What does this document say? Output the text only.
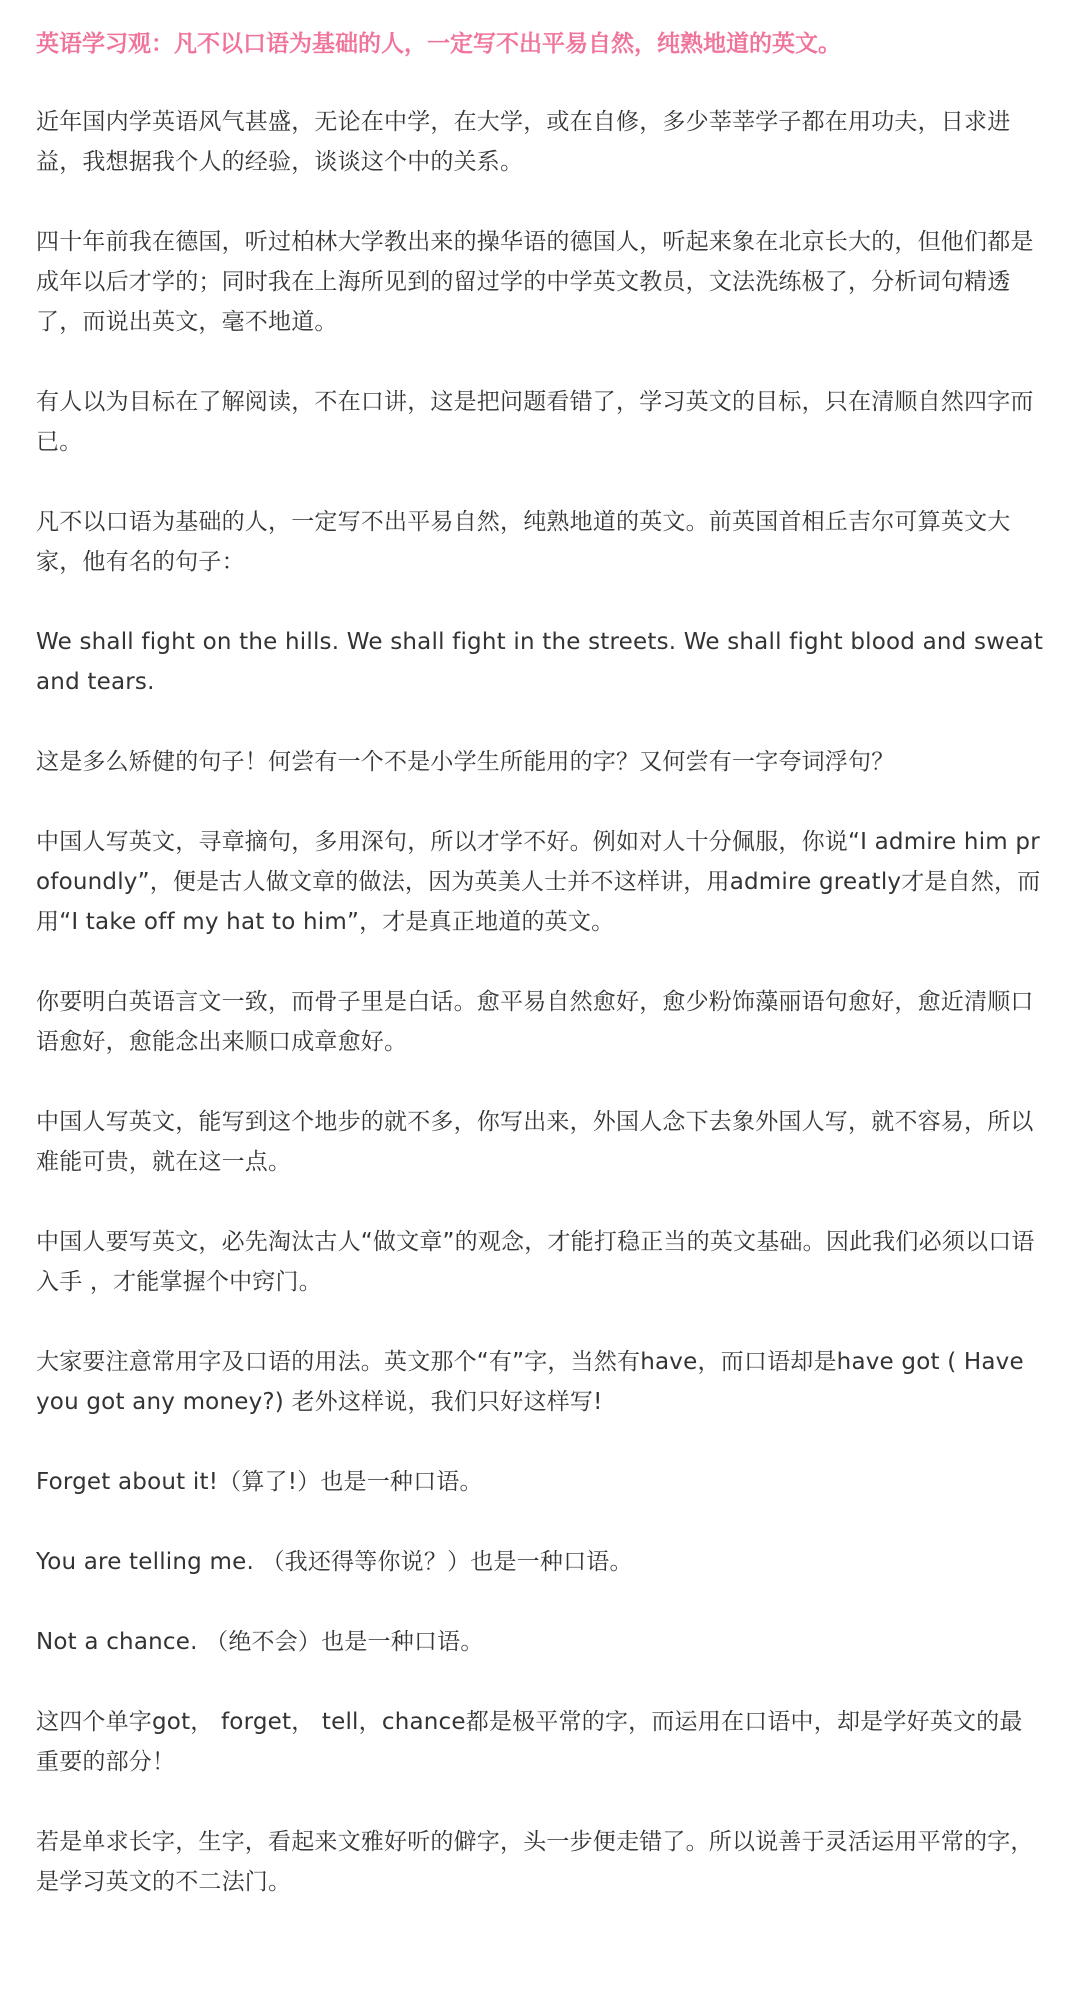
英语学习观：凡不以口语为基础的人，一定写不出平易自然，纯熟地道的英文。

近年国内学英语风气甚盛，无论在中学，在大学，或在自修，多少莘莘学子都在用功夫，日求进益，我想据我个人的经验，谈谈这个中的关系。

四十年前我在德国，听过柏林大学教出来的操华语的德国人，听起来象在北京长大的，但他们都是成年以后才学的；同时我在上海所见到的留过学的中学英文教员，文法洗练极了，分析词句精透了，而说出英文，毫不地道。

有人以为目标在了解阅读，不在口讲，这是把问题看错了，学习英文的目标，只在清顺自然四字而已。

凡不以口语为基础的人，一定写不出平易自然，纯熟地道的英文。前英国首相丘吉尔可算英文大家，他有名的句子：

We shall fight on the hills. We shall fight in the streets. We shall fight blood and sweat and tears.

这是多么矫健的句子！何尝有一个不是小学生所能用的字？又何尝有一字夸词浮句？

中国人写英文，寻章摘句，多用深句，所以才学不好。例如对人十分佩服，你说“I admire him profoundly”，便是古人做文章的做法，因为英美人士并不这样讲，用admire greatly才是自然，而用“I take off my hat to him”，才是真正地道的英文。

你要明白英语言文一致，而骨子里是白话。愈平易自然愈好，愈少粉饰藻丽语句愈好，愈近清顺口语愈好，愈能念出来顺口成章愈好。

中国人写英文，能写到这个地步的就不多，你写出来，外国人念下去象外国人写，就不容易，所以难能可贵，就在这一点。

中国人要写英文，必先淘汰古人“做文章”的观念，才能打稳正当的英文基础。因此我们必须以口语入手 ，才能掌握个中窍门。

大家要注意常用字及口语的用法。英文那个“有”字，当然有have，而口语却是have got ( Have you got any money?) 老外这样说，我们只好这样写!

Forget about it!（算了!）也是一种口语。

You are telling me. （我还得等你说？）也是一种口语。

Not a chance. （绝不会）也是一种口语。

这四个单字got， forget， tell，chance都是极平常的字，而运用在口语中，却是学好英文的最重要的部分！

若是单求长字，生字，看起来文雅好听的僻字，头一步便走错了。所以说善于灵活运用平常的字，是学习英文的不二法门。
